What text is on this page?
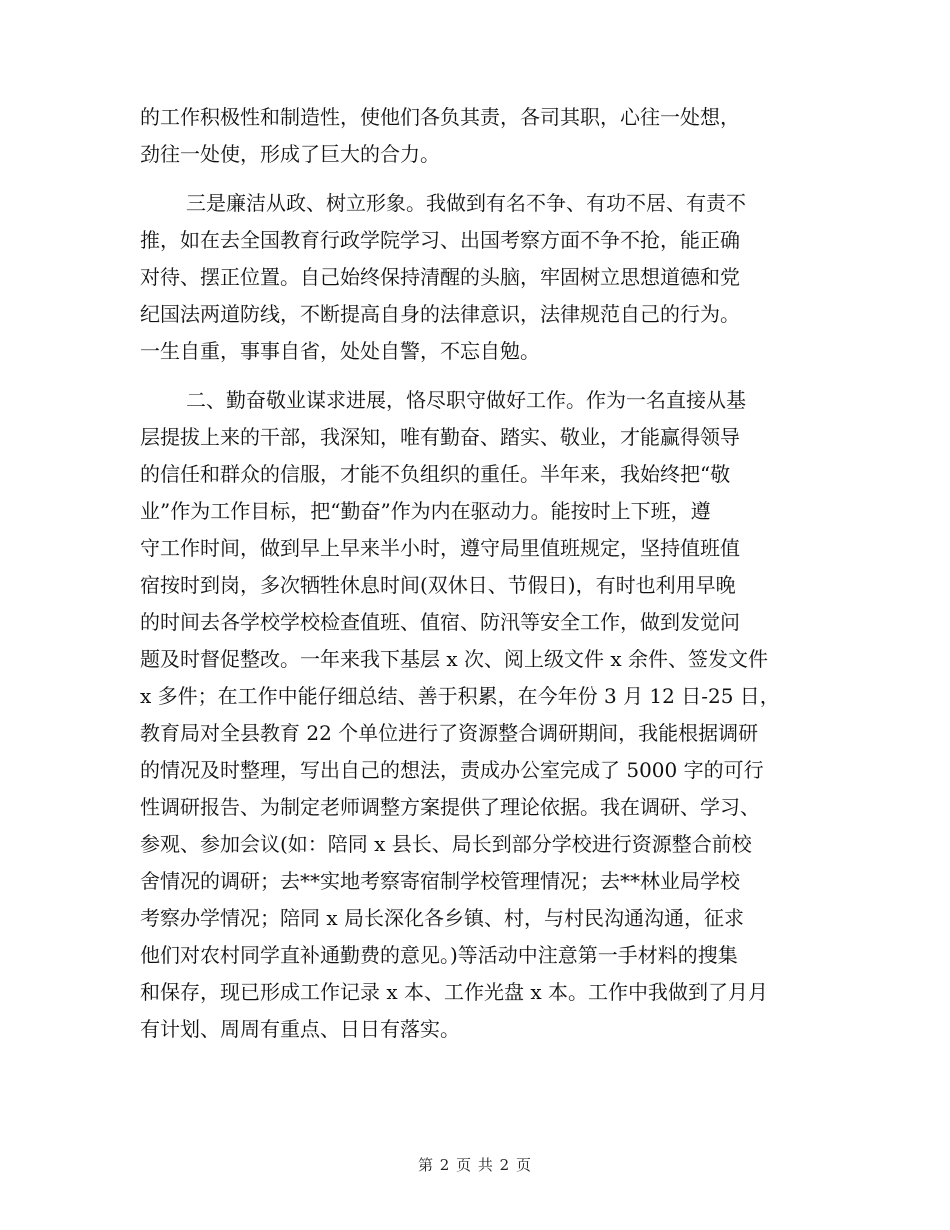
的工作积极性和制造性，使他们各负其责，各司其职，心往一处想，
劲往一处使，形成了巨大的合力。
三是廉洁从政、树立形象。我做到有名不争、有功不居、有责不
推，如在去全国教育行政学院学习、出国考察方面不争不抢，能正确
对待、摆正位置。自己始终保持清醒的头脑，牢固树立思想道德和党
纪国法两道防线，不断提高自身的法律意识，法律规范自己的行为。
一生自重，事事自省，处处自警，不忘自勉。
二、勤奋敬业谋求进展，恪尽职守做好工作。作为一名直接从基
层提拔上来的干部，我深知，唯有勤奋、踏实、敬业，才能赢得领导
的信任和群众的信服，才能不负组织的重任。半年来，我始终把“敬
业”作为工作目标，把“勤奋”作为内在驱动力。能按时上下班，遵
守工作时间，做到早上早来半小时，遵守局里值班规定，坚持值班值
宿按时到岗，多次牺牲休息时间(双休日、节假日)，有时也利用早晚
的时间去各学校学校检查值班、值宿、防汛等安全工作，做到发觉问
题及时督促整改。一年来我下基层 x 次、阅上级文件 x 余件、签发文件
x 多件；在工作中能仔细总结、善于积累，在今年份 3 月 12 日-25 日，
教育局对全县教育 22 个单位进行了资源整合调研期间，我能根据调研
的情况及时整理，写出自己的想法，责成办公室完成了 5000 字的可行
性调研报告、为制定老师调整方案提供了理论依据。我在调研、学习、
参观、参加会议(如：陪同 x 县长、局长到部分学校进行资源整合前校
舍情况的调研；去**实地考察寄宿制学校管理情况；去**林业局学校
考察办学情况；陪同 x 局长深化各乡镇、村，与村民沟通沟通，征求
他们对农村同学直补通勤费的意见。)等活动中注意第一手材料的搜集
和保存，现已形成工作记录 x 本、工作光盘 x 本。工作中我做到了月月
有计划、周周有重点、日日有落实。
第 2 页 共 2 页
